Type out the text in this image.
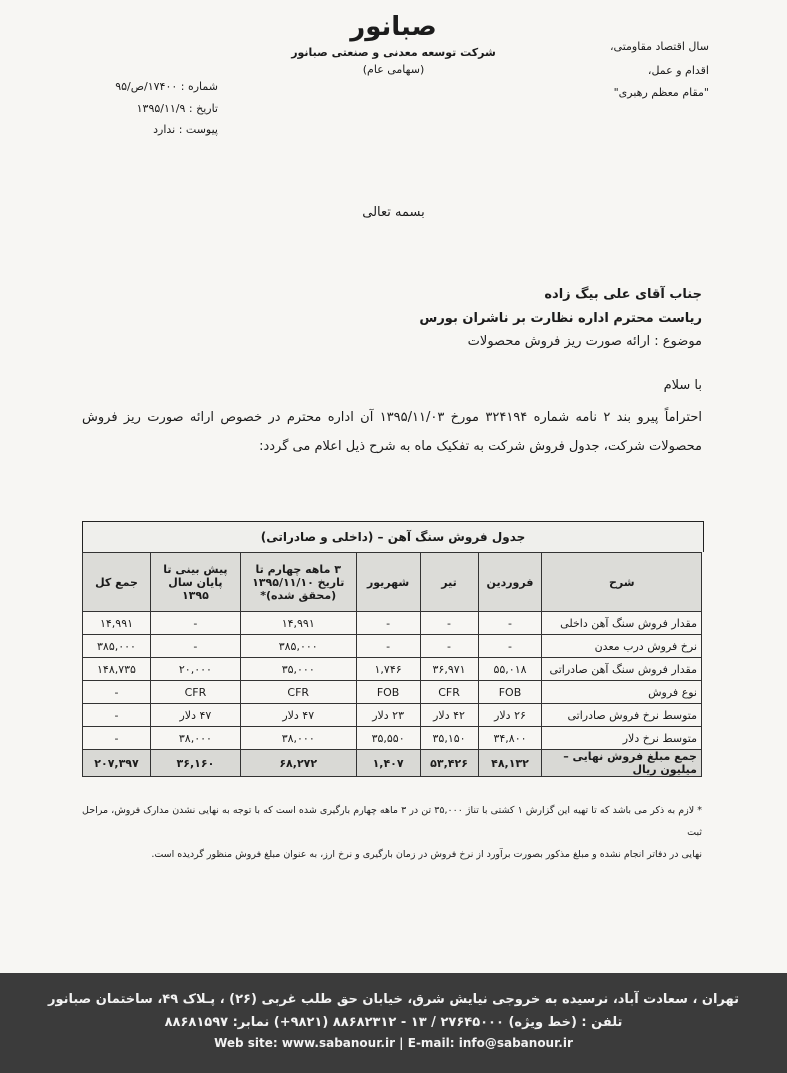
صبانور
شرکت توسعه معدنی و صنعتی صبانور
(سهامی عام)
سال اقتصاد مقاومتی،
اقدام و عمل،
"مقام معظم رهبری"
شماره : ۱۷۴۰۰/ص/۹۵
تاریخ : ۱۳۹۵/۱۱/۹
پیوست : ندارد
بسمه تعالی
جناب آقای علی بیگ زاده
ریاست محترم اداره نظارت بر ناشران بورس
موضوع : ارائه صورت ریز فروش محصولات
با سلام
احتراماً پیرو بند ۲ نامه شماره ۳۲۴۱۹۴ مورخ ۱۳۹۵/۱۱/۰۳ آن اداره محترم در خصوص ارائه صورت ریز فروش محصولات شرکت، جدول فروش شرکت به تفکیک ماه به شرح ذیل اعلام می گردد:
جدول فروش سنگ آهن – (داخلی و صادراتی)
شرح	فروردین	تیر	شهریور	۳ ماهه چهارم تا تاریخ ۱۳۹۵/۱۱/۱۰ (محقق شده)*	پیش بینی تا پایان سال ۱۳۹۵	جمع کل
مقدار فروش سنگ آهن داخلی	-	-	-	۱۴,۹۹۱	-	۱۴,۹۹۱
نرخ فروش درب معدن	-	-	-	۳۸۵,۰۰۰	-	۳۸۵,۰۰۰
مقدار فروش سنگ آهن صادراتی	۵۵,۰۱۸	۳۶,۹۷۱	۱,۷۴۶	۳۵,۰۰۰	۲۰,۰۰۰	۱۴۸,۷۳۵
نوع فروش	FOB	CFR	FOB	CFR	CFR	-
متوسط نرخ فروش صادراتی	۲۶ دلار	۴۲ دلار	۲۳ دلار	۴۷ دلار	۴۷ دلار	-
متوسط نرخ دلار	۳۴,۸۰۰	۳۵,۱۵۰	۳۵,۵۵۰	۳۸,۰۰۰	۳۸,۰۰۰	-
جمع مبلغ فروش نهایی – میلیون ریال	۴۸,۱۳۲	۵۳,۴۲۶	۱,۴۰۷	۶۸,۲۷۲	۳۶,۱۶۰	۲۰۷,۳۹۷
* لازم به ذکر می باشد که تا تهیه این گزارش ۱ کشتی با تناژ ۳۵,۰۰۰ تن در ۳ ماهه چهارم بارگیری شده است که با توجه به نهایی نشدن مدارک فروش، مراحل ثبت
نهایی در دفاتر انجام نشده و مبلغ مذکور بصورت برآورد از نرخ فروش در زمان بارگیری و نرخ ارز، به عنوان مبلغ فروش منظور گردیده است.
تهران ، سعادت آباد، نرسیده به خروجی نیایش شرق، خیابان حق طلب غربی (۲۶) ، پـلاک ۴۹، ساختمان صبانور
تلفن : (خط ویژه) ۲۷۶۴۵۰۰۰ / ۱۳ - ۸۸۶۸۲۳۱۲ (۹۸۲۱+) نمابر: ۸۸۶۸۱۵۹۷
Web site: www.sabanour.ir | E-mail: info@sabanour.ir
